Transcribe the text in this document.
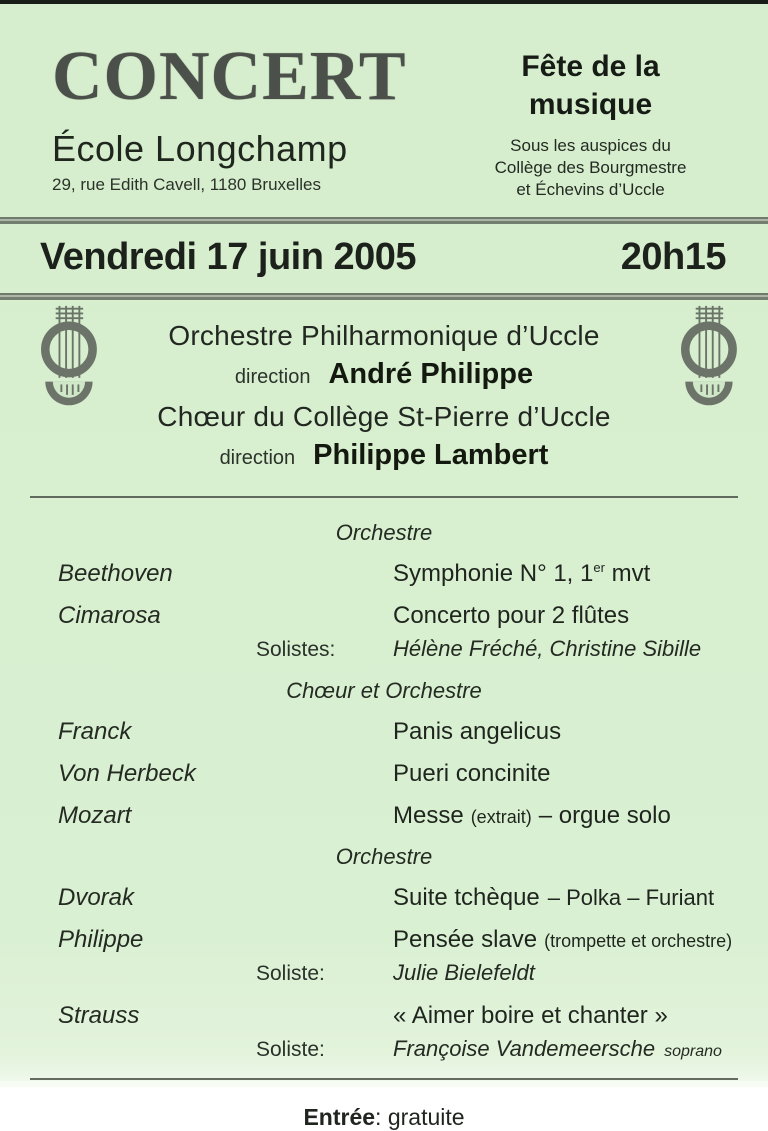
CONCERT
École Longchamp
29, rue Edith Cavell, 1180 Bruxelles
Fête de la
musique
Sous les auspices du
Collège des Bourgmestre
et Échevins d’Uccle
Vendredi 17 juin 2005	20h15
Orchestre Philharmonique d’Uccle
direction André Philippe
Chœur du Collège St-Pierre d’Uccle
direction Philippe Lambert
Orchestre
Beethoven	Symphonie N° 1, 1er mvt
Cimarosa	Concerto pour 2 flûtes
Solistes:	Hélène Fréché, Christine Sibille
Chœur et Orchestre
Franck	Panis angelicus
Von Herbeck	Pueri concinite
Mozart	Messe (extrait) – orgue solo
Orchestre
Dvorak	Suite tchèque – Polka – Furiant
Philippe	Pensée slave (trompette et orchestre)
Soliste:	Julie Bielefeldt
Strauss	« Aimer boire et chanter »
Soliste:	Françoise Vandemeersche soprano
Entrée: gratuite
